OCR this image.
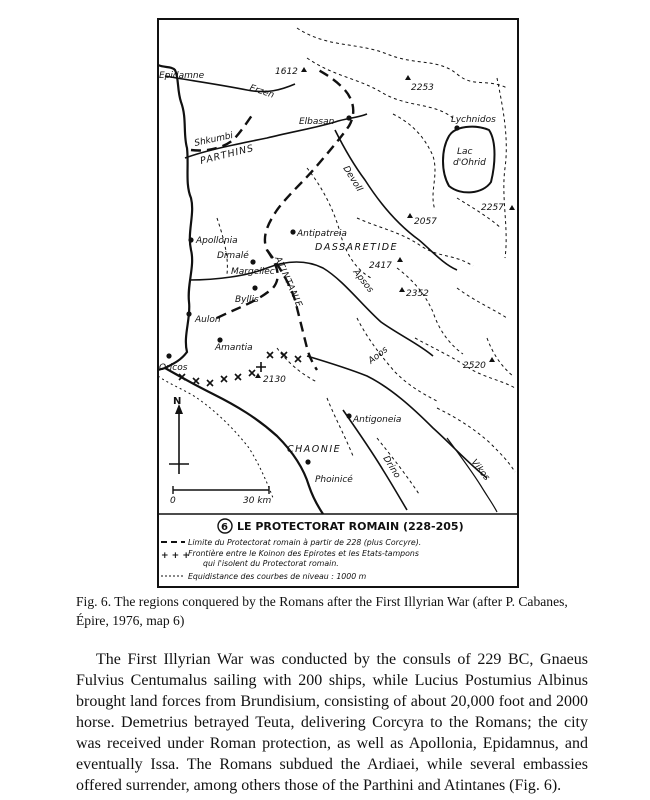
Epidamne
Erzen
Elbasan	Lychnidos
Lac
d'Ohrid
Shkumbi
PARTHINS
Devoll
Apollonia
Dimalé
Margellec
Byllis ATINTANIE
Antipatreia
DASSARETIDE
Apsos
Aulon
Amantia
Oricos
Aoos
Antigoneia
CHAONIE
Drino	Vikos
Phoinicé
1612
2253
2057
2257
2417
2352
2520
2130
N
0	30 km
6 LE PROTECTORAT ROMAIN (228-205)
Limite du Protectorat romain à partir de 228 (plus Corcyre).
+ + +
Frontière entre le Koinon des Epirotes et les Etats-tampons
qui l'isolent du Protectorat romain.
Equidistance des courbes de niveau : 1000 m
Fig. 6. The regions conquered by the Romans after the First Illyrian War (after P. Cabanes,
Épire, 1976, map 6)

The First Illyrian War was conducted by the consuls of 229 BC, Gnaeus Fulvius Centumalus sailing with 200 ships, while Lucius Postumius Albinus brought land forces from Brundisium, consisting of about 20,000 foot and 2000 horse. Demetrius betrayed Teuta, delivering Corcyra to the Romans; the city was received under Roman protection, as well as Apollonia, Epidamnus, and eventually Issa. The Romans subdued the Ardiaei, while several embassies offered surrender, among others those of the Parthini and Atintanes (Fig. 6).
